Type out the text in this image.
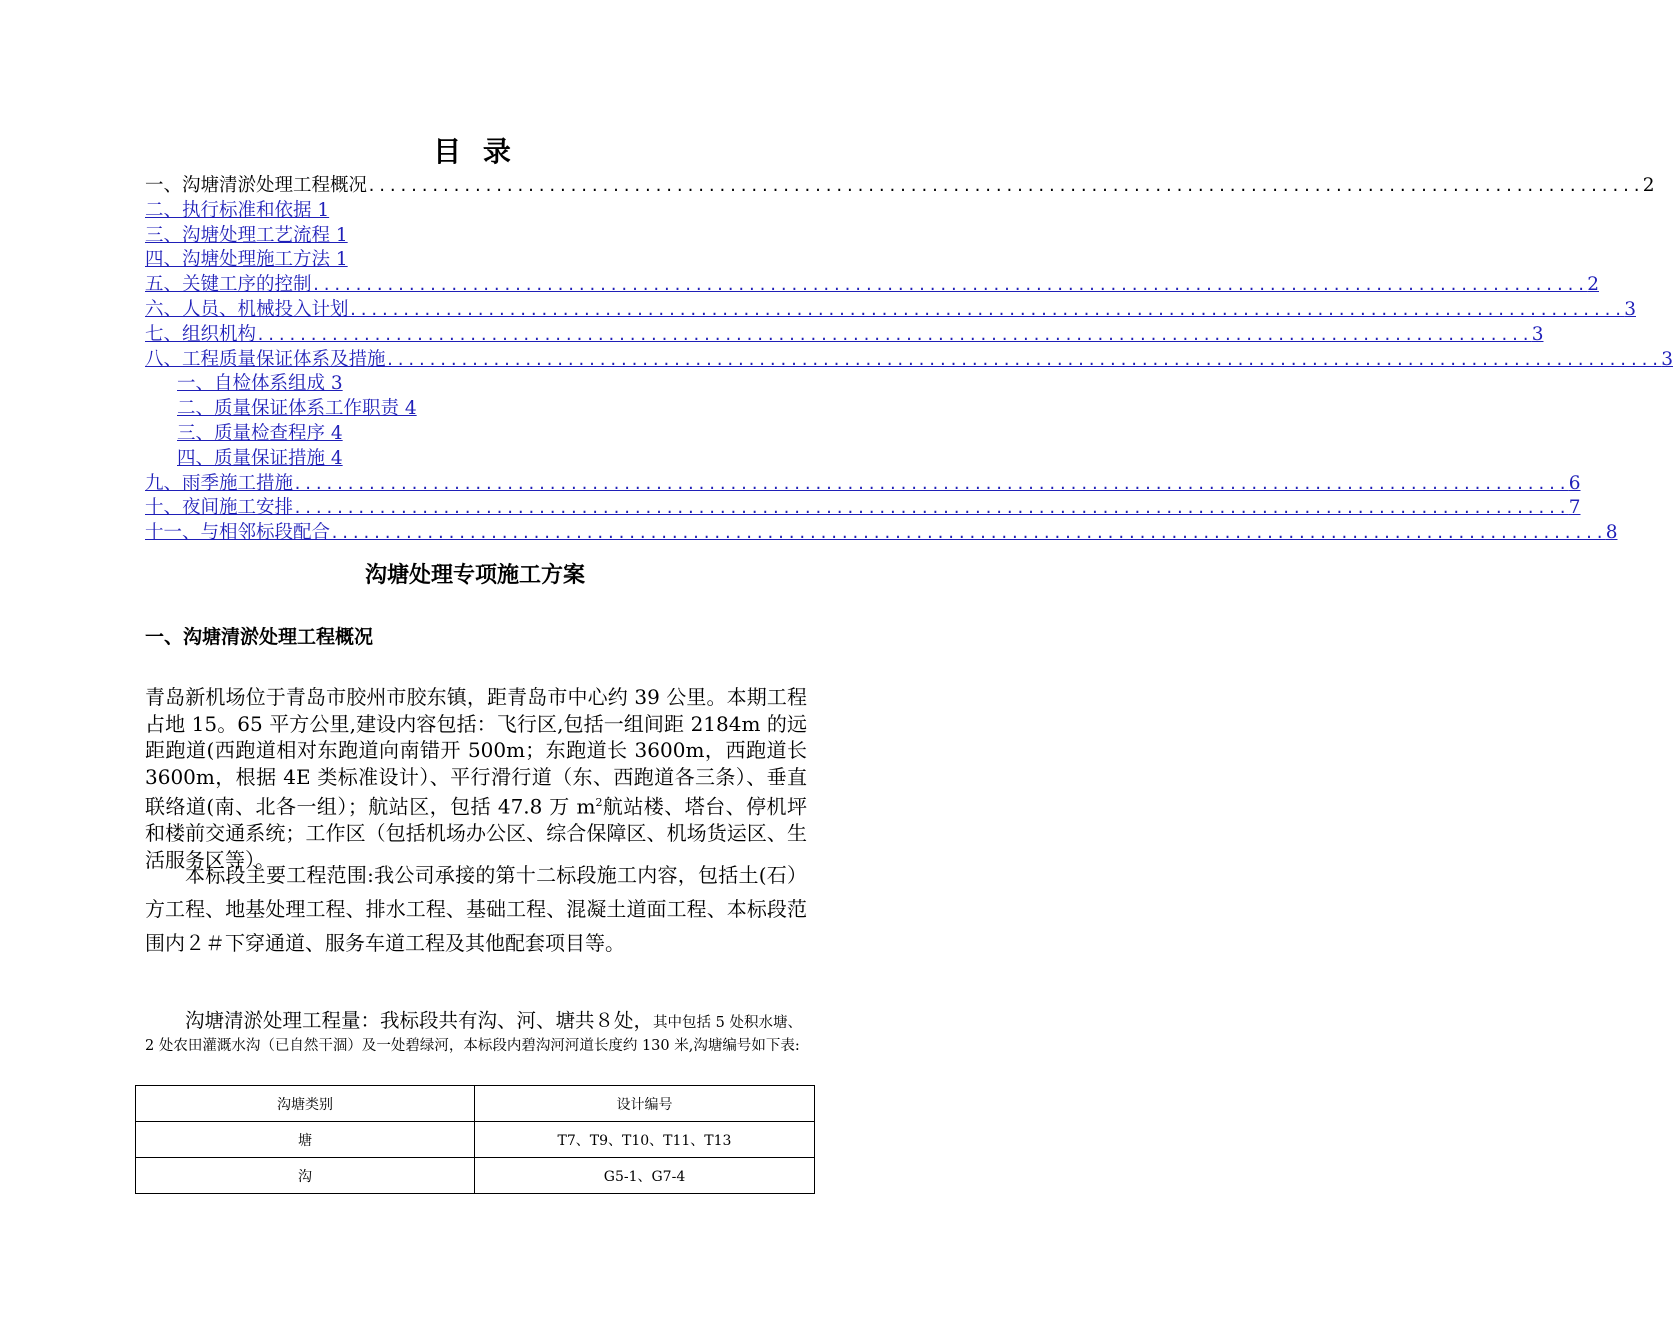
目 录
一、沟塘清淤处理工程概况 ........................................................................................................................ 2
二、执行标准和依据 1
三、沟塘处理工艺流程 1
四、沟塘处理施工方法 1
五、关键工序的控制 ........................................................................................................................ 2
六、人员、机械投入计划 ........................................................................................................................ 3
七、组织机构 ........................................................................................................................ 3
八、工程质量保证体系及措施 ........................................................................................................................ 3
一、自检体系组成 3
二、质量保证体系工作职责 4
三、质量检查程序 4
四、质量保证措施 4
九、雨季施工措施 ........................................................................................................................ 6
十、夜间施工安排 ........................................................................................................................ 7
十一、与相邻标段配合 ........................................................................................................................ 8
沟塘处理专项施工方案
一、沟塘清淤处理工程概况
青岛新机场位于青岛市胶州市胶东镇，距青岛市中心约 39 公里。本期工程占地 15。65 平方公里,建设内容包括：飞行区,包括一组间距 2184m 的远距跑道(西跑道相对东跑道向南错开 500m；东跑道长 3600m，西跑道长 3600m，根据 4E 类标准设计）、平行滑行道（东、西跑道各三条）、垂直联络道(南、北各一组）；航站区，包括 47.8 万 $m^2$航站楼、塔台、停机坪和楼前交通系统；工作区（包括机场办公区、综合保障区、机场货运区、生活服务区等）。
本标段主要工程范围:我公司承接的第十二标段施工内容，包括土(石）方工程、地基处理工程、排水工程、基础工程、混凝土道面工程、本标段范围内２＃下穿通道、服务车道工程及其他配套项目等。
沟塘清淤处理工程量：我标段共有沟、河、塘共８处，其中包括 5 处积水塘、2 处农田灌溉水沟（已自然干涸）及一处碧绿河，本标段内碧沟河河道长度约 130 米,沟塘编号如下表:
沟塘类别	设计编号
塘	T7、T9、T10、T11、T13
沟	G5-1、G7-4
